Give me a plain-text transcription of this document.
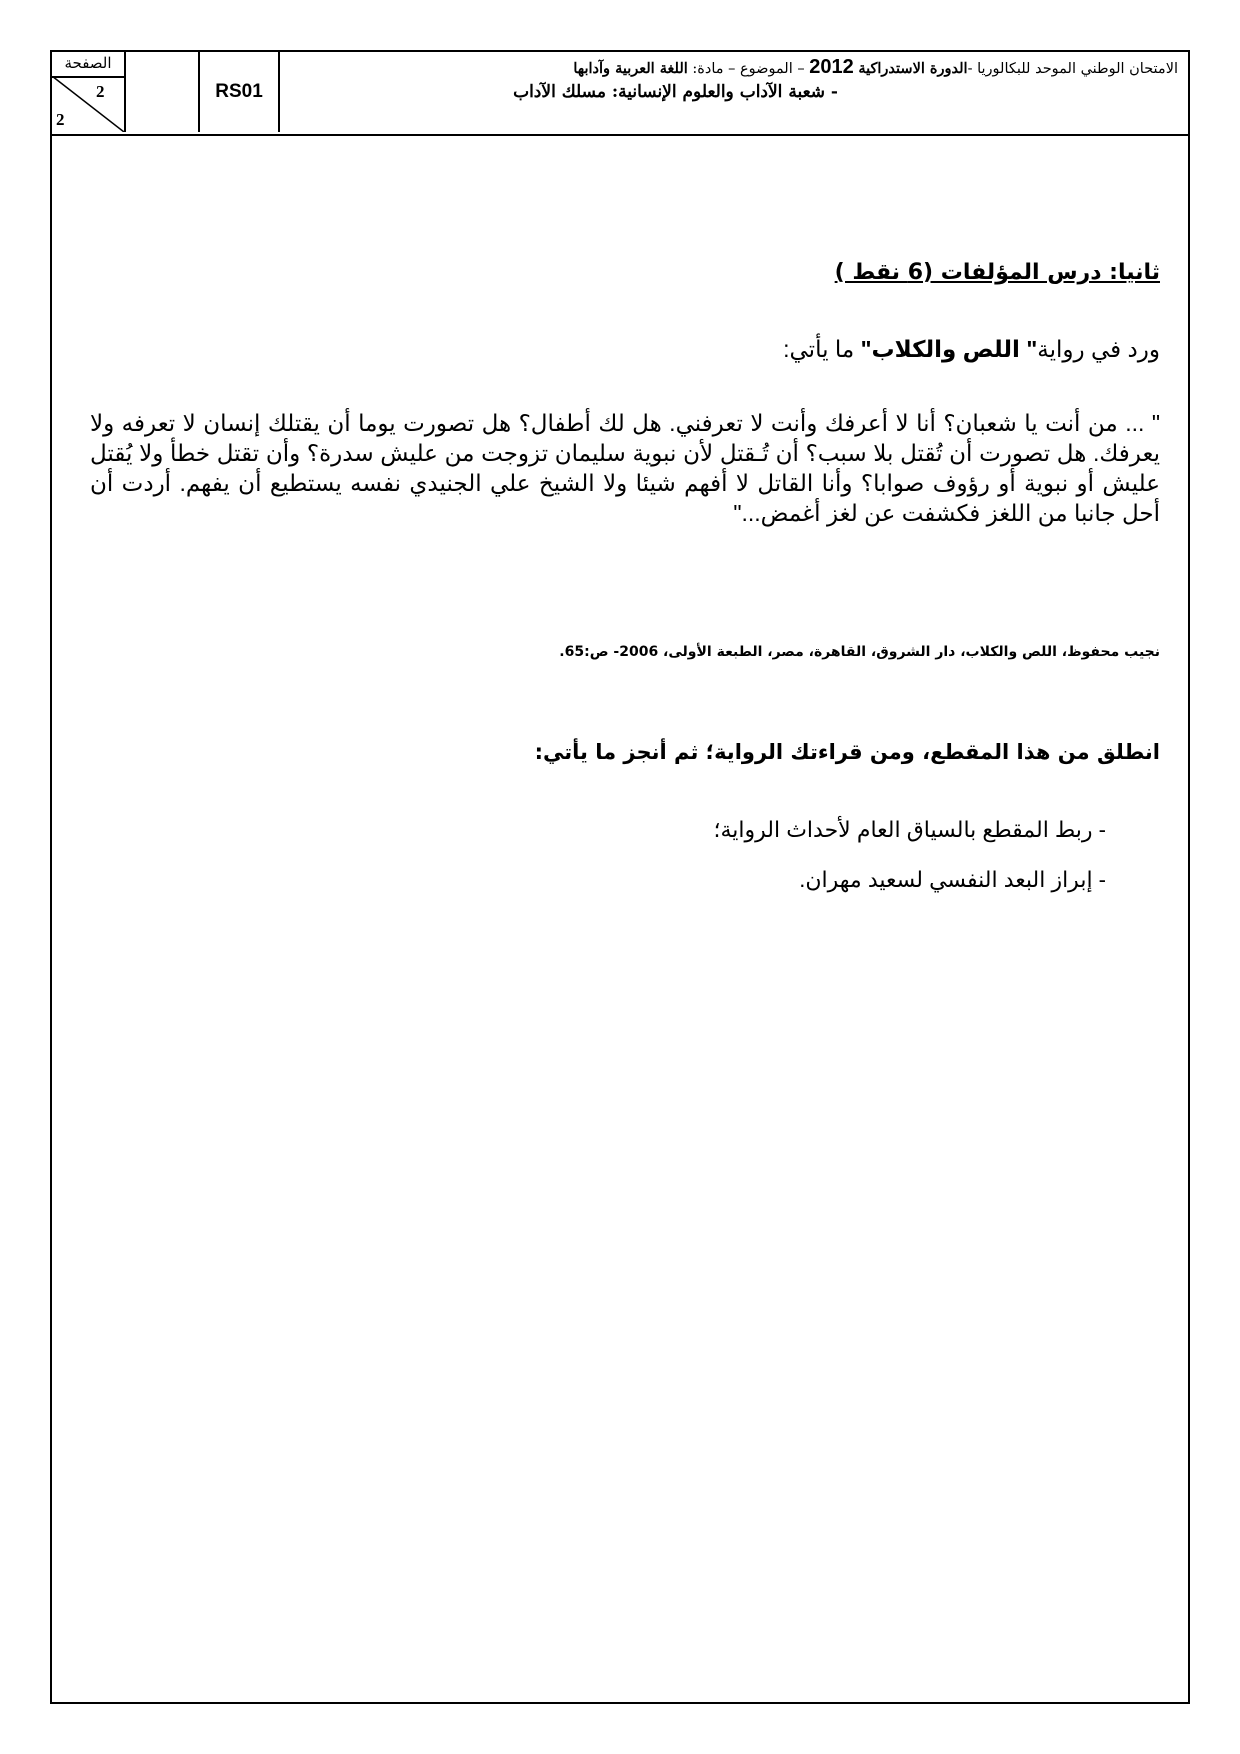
الصفحة
2
2
RS01
الامتحان الوطني الموحد للبكالوريا -الدورة الاستدراكية 2012 – الموضوع – مادة: اللغة العربية وآدابها
- شعبة الآداب والعلوم الإنسانية: مسلك الآداب
ثانيا: درس المؤلفات (6 نقط )
ورد في رواية" اللص والكلاب" ما يأتي:

" ... من أنت يا شعبان؟ أنا لا أعرفك وأنت لا تعرفني. هل لك أطفال؟ هل تصورت يوما أن يقتلك إنسان لا تعرفه ولا يعرفك. هل تصورت أن تُقتل بلا سبب؟ أن تُـقتل لأن نبوية سليمان تزوجت من عليش سدرة؟ وأن تقتل خطأ ولا يُقتل عليش أو نبوية أو رؤوف صوابا؟ وأنا القاتل لا أفهم شيئا ولا الشيخ علي الجنيدي نفسه يستطيع أن يفهم. أردت أن أحل جانبا من اللغز فكشفت عن لغز أغمض..."

نجيب محفوظ، اللص والكلاب، دار الشروق، القاهرة، مصر، الطبعة الأولى، 2006- ص:65.
انطلق من هذا المقطع، ومن قراءتك الرواية؛ ثم أنجز ما يأتي:
- ربط المقطع بالسياق العام لأحداث الرواية؛
- إبراز البعد النفسي لسعيد مهران.
